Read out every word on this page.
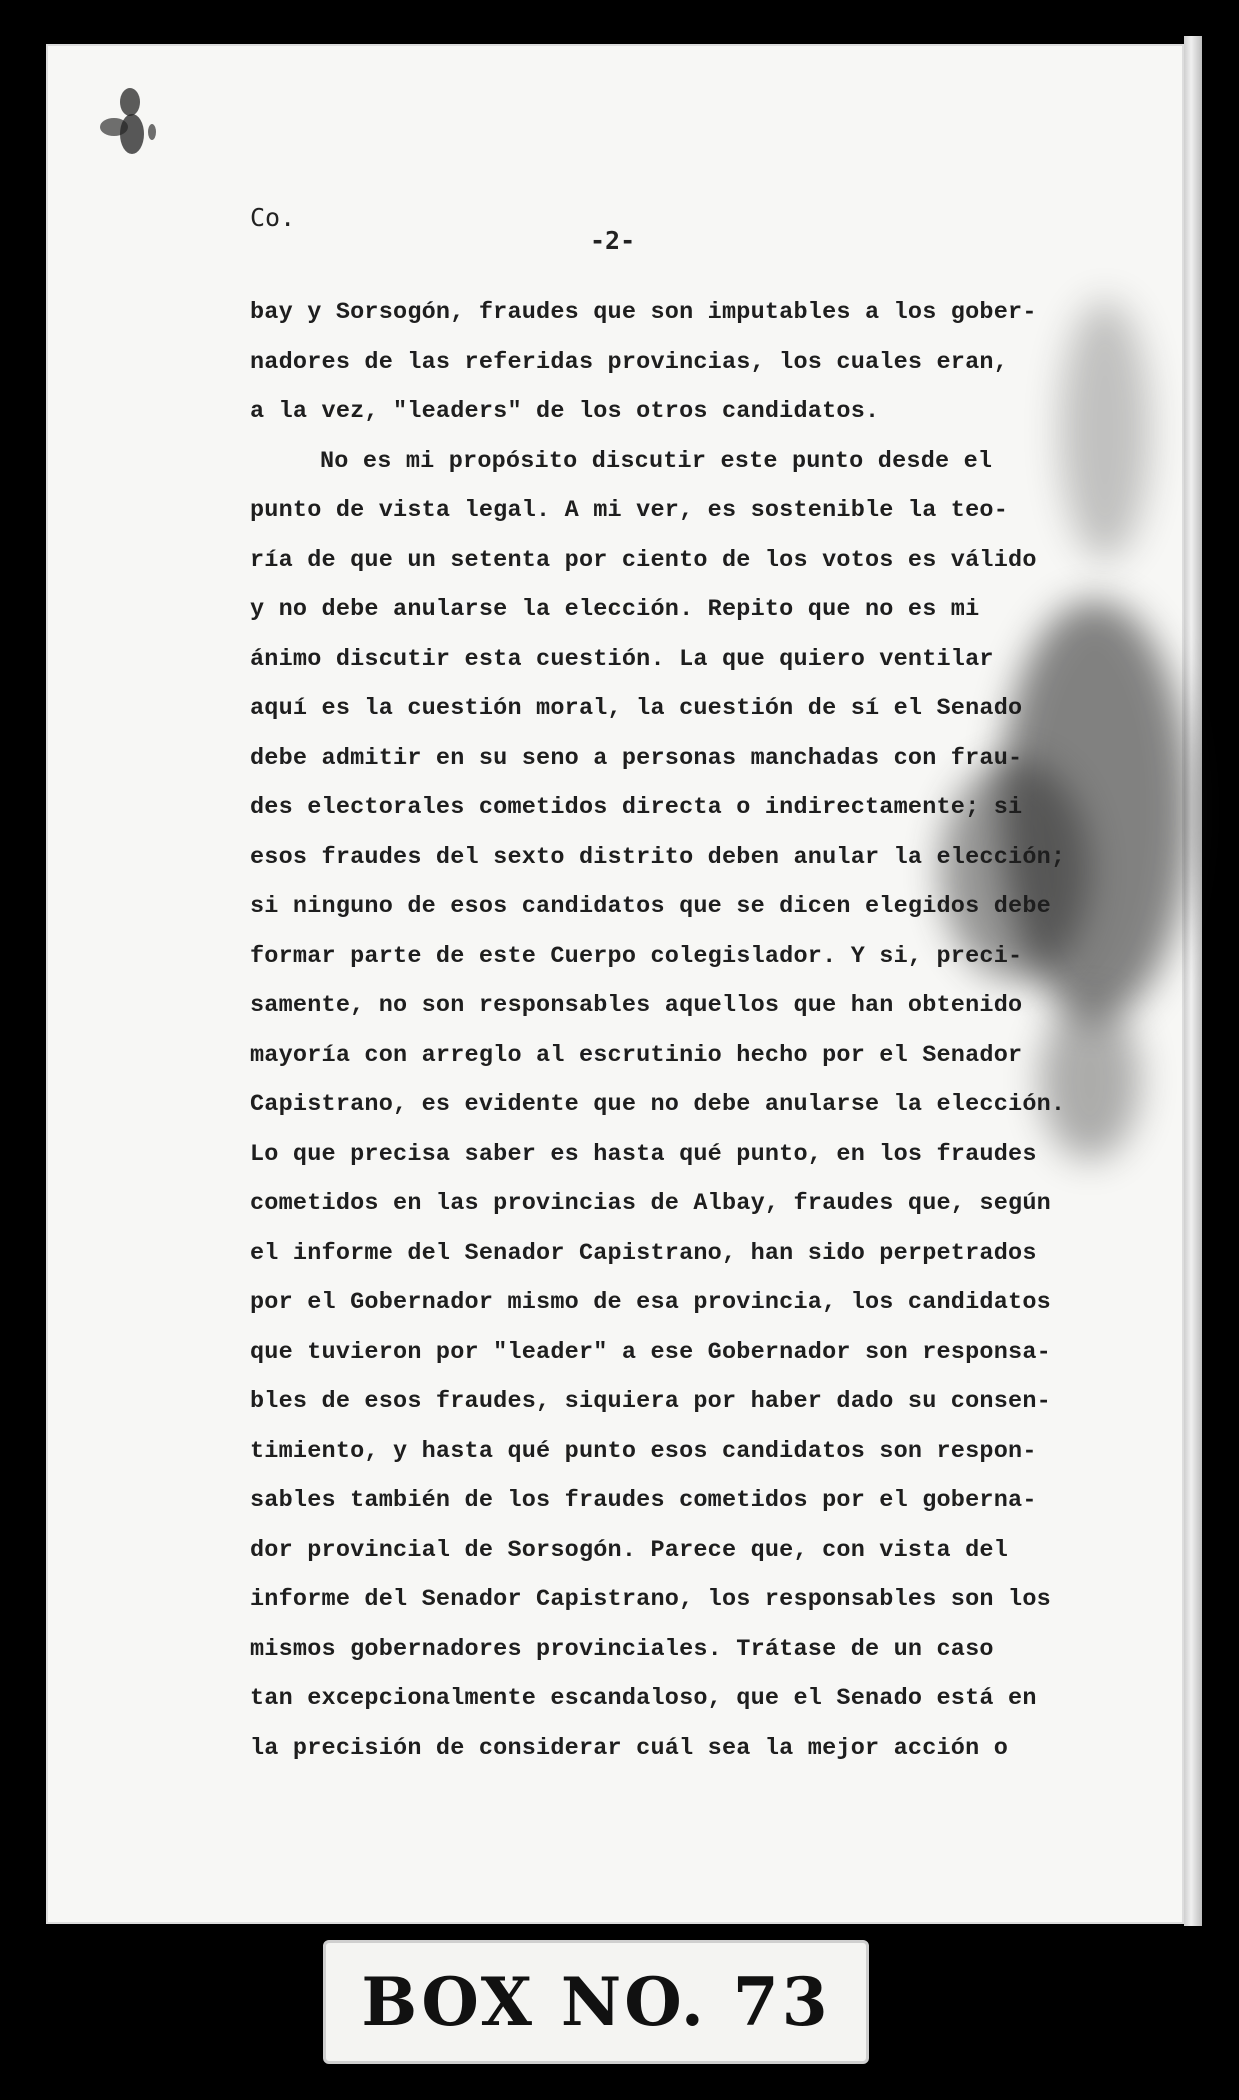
Co.
-2-
bay y Sorsogón, fraudes que son imputables a los gober-
nadores de las referidas provincias, los cuales eran,
a la vez, "leaders" de los otros candidatos.
No es mi propósito discutir este punto desde el
punto de vista legal. A mi ver, es sostenible la teo-
ría de que un setenta por ciento de los votos es válido
y no debe anularse la elección. Repito que no es mi
ánimo discutir esta cuestión. La que quiero ventilar
aquí es la cuestión moral, la cuestión de sí el Senado
debe admitir en su seno a personas manchadas con frau-
des electorales cometidos directa o indirectamente; si
esos fraudes del sexto distrito deben anular la elección;
si ninguno de esos candidatos que se dicen elegidos debe
formar parte de este Cuerpo colegislador. Y si, preci-
samente, no son responsables aquellos que han obtenido
mayoría con arreglo al escrutinio hecho por el Senador
Capistrano, es evidente que no debe anularse la elección.
Lo que precisa saber es hasta qué punto, en los fraudes
cometidos en las provincias de Albay, fraudes que, según
el informe del Senador Capistrano, han sido perpetrados
por el Gobernador mismo de esa provincia, los candidatos
que tuvieron por "leader" a ese Gobernador son responsa-
bles de esos fraudes, siquiera por haber dado su consen-
timiento, y hasta qué punto esos candidatos son respon-
sables también de los fraudes cometidos por el goberna-
dor provincial de Sorsogón. Parece que, con vista del
informe del Senador Capistrano, los responsables son los
mismos gobernadores provinciales. Trátase de un caso
tan excepcionalmente escandaloso, que el Senado está en
la precisión de considerar cuál sea la mejor acción o
BOX NO. 73
